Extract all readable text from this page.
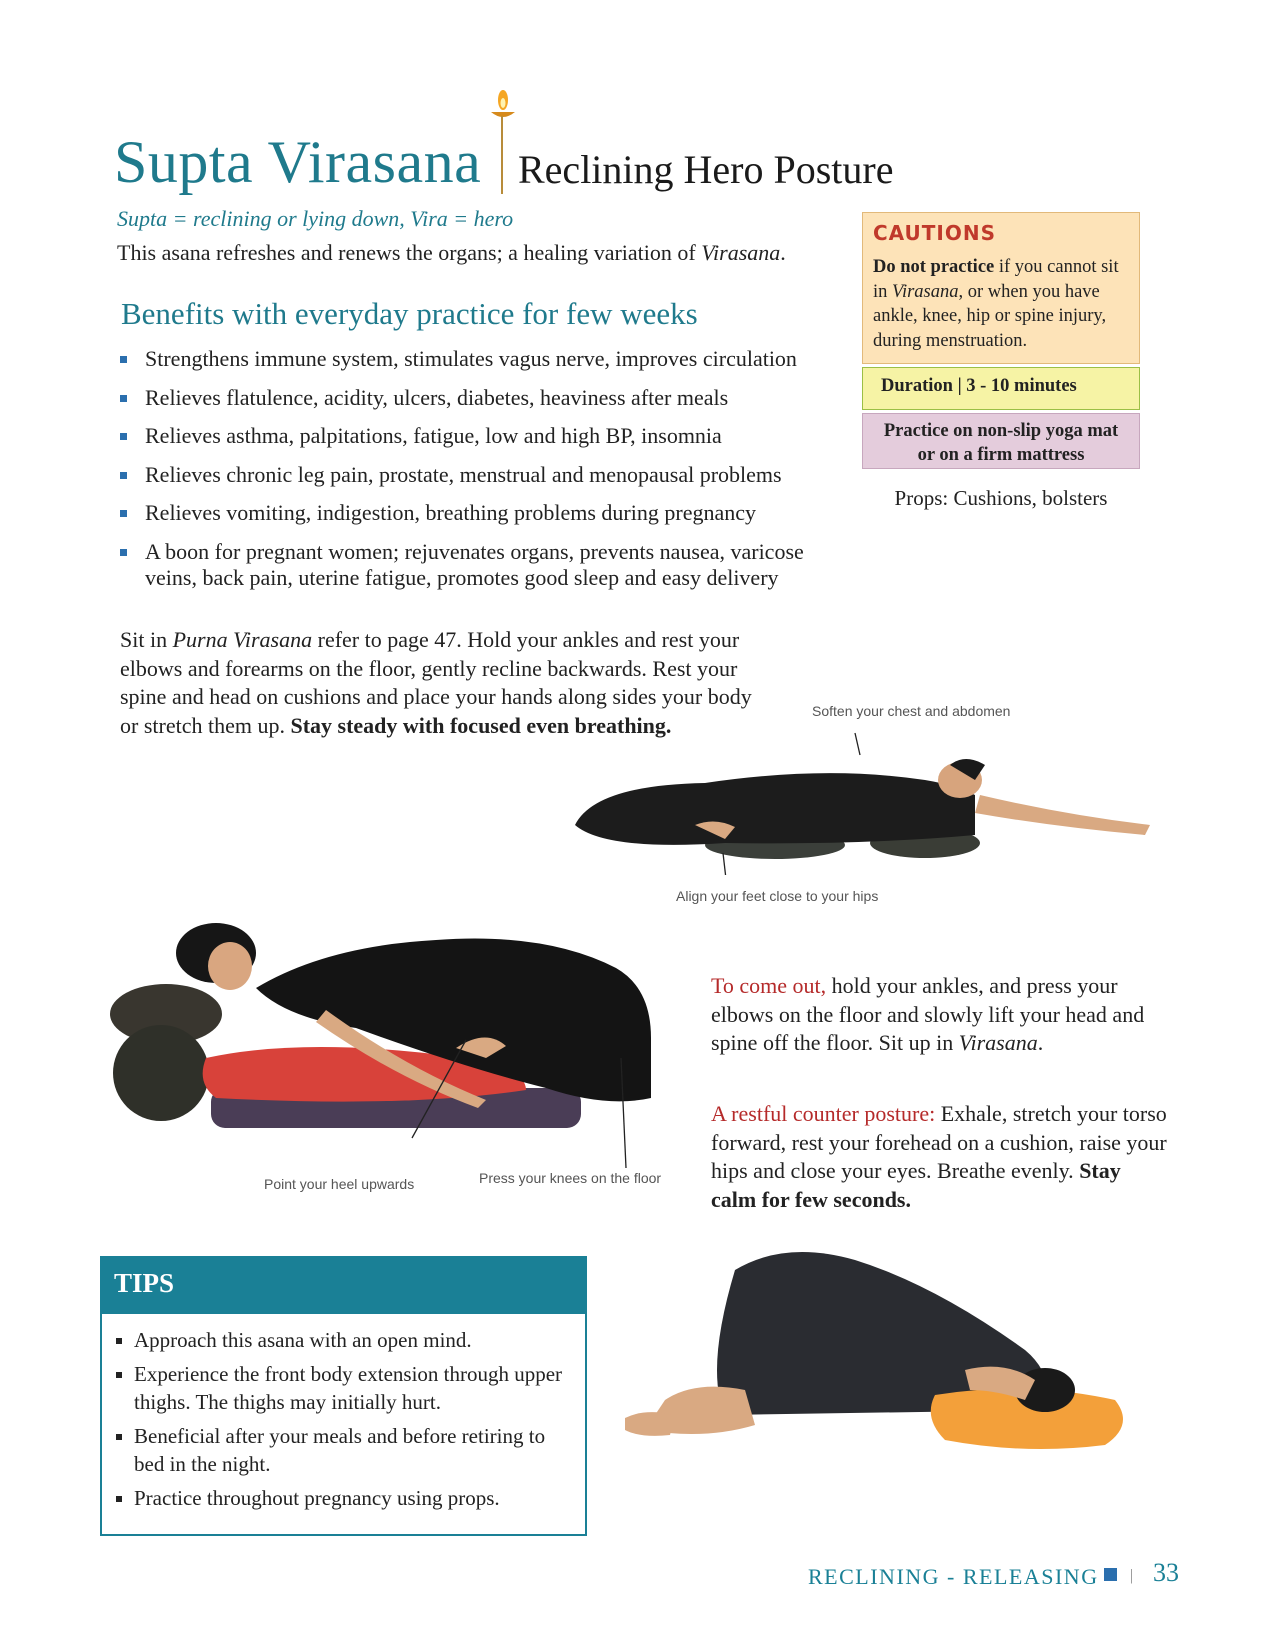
Supta Virasana Reclining Hero Posture
Supta = reclining or lying down, Vira = hero
This asana refreshes and renews the organs; a healing variation of Virasana.
Benefits with everyday practice for few weeks
Strengthens immune system, stimulates vagus nerve, improves circulation
Relieves flatulence, acidity, ulcers, diabetes, heaviness after meals
Relieves asthma, palpitations, fatigue, low and high BP, insomnia
Relieves chronic leg pain, prostate, menstrual and menopausal problems
Relieves vomiting, indigestion, breathing problems during pregnancy
A boon for pregnant women; rejuvenates organs, prevents nausea, varicose veins, back pain, uterine fatigue, promotes good sleep and easy delivery
CAUTIONS
Do not practice if you cannot sit in Virasana, or when you have ankle, knee, hip or spine injury, during menstruation.
Duration | 3 - 10 minutes
Practice on non-slip yoga mat
or on a firm mattress
Props: Cushions, bolsters
Sit in Purna Virasana refer to page 47. Hold your ankles and rest your elbows and forearms on the floor, gently recline backwards. Rest your spine and head on cushions and place your hands along sides your body or stretch them up. Stay steady with focused even breathing.
Soften your chest and abdomen
Align your feet close to your hips
Point your heel upwards	Press your knees on the floor
To come out, hold your ankles, and press your elbows on the floor and slowly lift your head and spine off the floor. Sit up in Virasana.
A restful counter posture: Exhale, stretch your torso forward, rest your forehead on a cushion, raise your hips and close your eyes. Breathe evenly. Stay calm for few seconds.
TIPS
Approach this asana with an open mind.
Experience the front body extension through upper thighs. The thighs may initially hurt.
Beneficial after your meals and before retiring to bed in the night.
Practice throughout pregnancy using props.
RECLINING - RELEASING | 33
